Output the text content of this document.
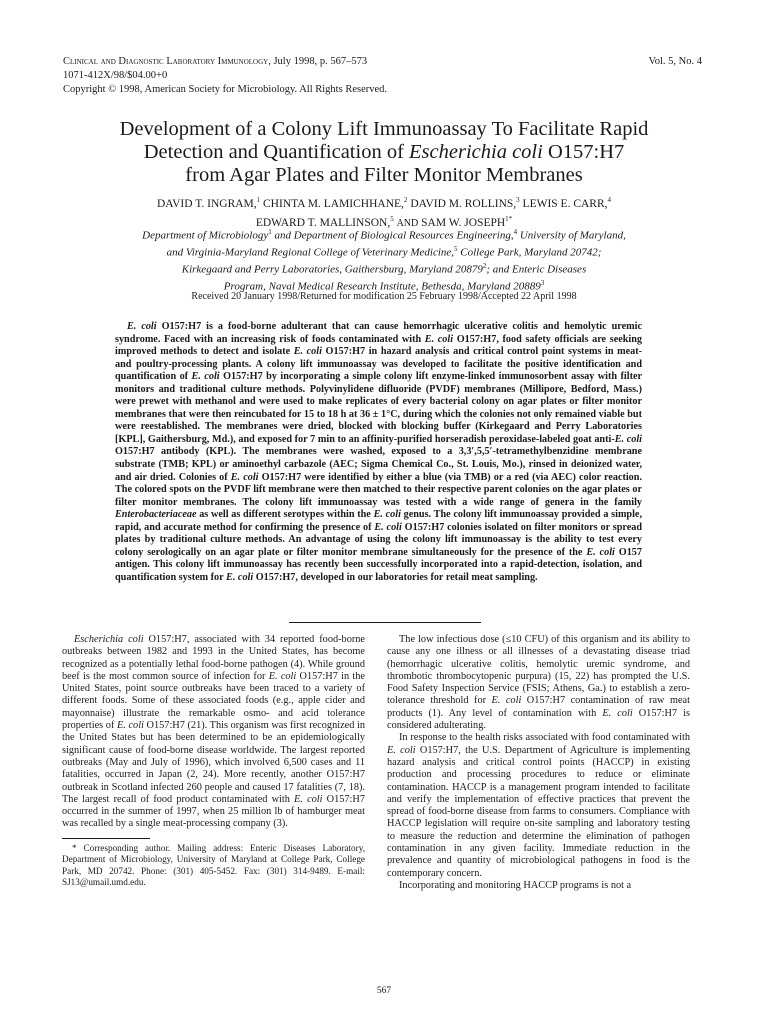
Clinical and Diagnostic Laboratory Immunology, July 1998, p. 567–573
1071-412X/98/$04.00+0
Copyright © 1998, American Society for Microbiology. All Rights Reserved.
Vol. 5, No. 4
Development of a Colony Lift Immunoassay To Facilitate Rapid
Detection and Quantification of Escherichia coli O157:H7
from Agar Plates and Filter Monitor Membranes
DAVID T. INGRAM,$^1$ CHINTA M. LAMICHHANE,$^2$ DAVID M. ROLLINS,$^3$ LEWIS E. CARR,$^4$
EDWARD T. MALLINSON,$^5$ AND SAM W. $JOSEPH^{1*}$
Department of Microbiology$^1$ and Department of Biological Resources Engineering,$^4$ University of Maryland,
and Virginia-Maryland Regional College of Veterinary Medicine,$^5$ College Park, Maryland 20742;
Kirkegaard and Perry Laboratories, Gaithersburg, Maryland 20879$^2$; and Enteric Diseases
Program, Naval Medical Research Institute, Bethesda, Maryland 20889$^3$
Received 20 January 1998/Returned for modification 25 February 1998/Accepted 22 April 1998
E. coli O157:H7 is a food-borne adulterant that can cause hemorrhagic ulcerative colitis and hemolytic uremic syndrome. Faced with an increasing risk of foods contaminated with E. coli O157:H7, food safety officials are seeking improved methods to detect and isolate E. coli O157:H7 in hazard analysis and critical control point systems in meat- and poultry-processing plants. A colony lift immunoassay was developed to facilitate the positive identification and quantification of E. coli O157:H7 by incorporating a simple colony lift enzyme-linked immunosorbent assay with filter monitors and traditional culture methods. Polyvinylidene difluoride (PVDF) membranes (Millipore, Bedford, Mass.) were prewet with methanol and were used to make replicates of every bacterial colony on agar plates or filter monitor membranes that were then reincubated for 15 to 18 h at 36 ± 1°C, during which the colonies not only remained viable but were reestablished. The membranes were dried, blocked with blocking buffer (Kirkegaard and Perry Laboratories [KPL], Gaithersburg, Md.), and exposed for 7 min to an affinity-purified horseradish peroxidase-labeled goat anti-E. coli O157:H7 antibody (KPL). The membranes were washed, exposed to a 3,3′,5,5′-tetramethylbenzidine membrane substrate (TMB; KPL) or aminoethyl carbazole (AEC; Sigma Chemical Co., St. Louis, Mo.), rinsed in deionized water, and air dried. Colonies of E. coli O157:H7 were identified by either a blue (via TMB) or a red (via AEC) color reaction. The colored spots on the PVDF lift membrane were then matched to their respective parent colonies on the agar plates or filter monitor membranes. The colony lift immunoassay was tested with a wide range of genera in the family Enterobacteriaceae as well as different serotypes within the E. coli genus. The colony lift immunoassay provided a simple, rapid, and accurate method for confirming the presence of E. coli O157:H7 colonies isolated on filter monitors or spread plates by traditional culture methods. An advantage of using the colony lift immunoassay is the ability to test every colony serologically on an agar plate or filter monitor membrane simultaneously for the presence of the E. coli O157 antigen. This colony lift immunoassay has recently been successfully incorporated into a rapid-detection, isolation, and quantification system for E. coli O157:H7, developed in our laboratories for retail meat sampling.

Escherichia coli O157:H7, associated with 34 reported food-borne outbreaks between 1982 and 1993 in the United States, has become recognized as a potentially lethal food-borne pathogen (4). While ground beef is the most common source of infection for E. coli O157:H7 in the United States, point source outbreaks have been traced to a variety of different foods. Some of these associated foods (e.g., apple cider and mayonnaise) illustrate the remarkable osmo- and acid tolerance properties of E. coli O157:H7 (21). This organism was first recognized in the United States but has been determined to be an epidemiologically significant cause of food-borne disease worldwide. The largest reported outbreaks (May and July of 1996), which involved 6,500 cases and 11 fatalities, occurred in Japan (2, 24). More recently, another O157:H7 outbreak in Scotland infected 260 people and caused 17 fatalities (7, 18). The largest recall of food product contaminated with E. coli O157:H7 occurred in the summer of 1997, when 25 million lb of hamburger meat was recalled by a single meat-processing company (3).

* Corresponding author. Mailing address: Enteric Diseases Laboratory, Department of Microbiology, University of Maryland at College Park, College Park, MD 20742. Phone: (301) 405-5452. Fax: (301) 314-9489. E-mail: SJ13@umail.umd.edu.

The low infectious dose (≤10 CFU) of this organism and its ability to cause any one illness or all illnesses of a devastating disease triad (hemorrhagic ulcerative colitis, hemolytic uremic syndrome, and thrombotic thrombocytopenic purpura) (15, 22) has prompted the U.S. Food Safety Inspection Service (FSIS; Athens, Ga.) to establish a zero-tolerance threshold for E. coli O157:H7 contamination of raw meat products (1). Any level of contamination with E. coli O157:H7 is considered adulterating.

In response to the health risks associated with food contaminated with E. coli O157:H7, the U.S. Department of Agriculture is implementing hazard analysis and critical control points (HACCP) in existing production and processing procedures to reduce or eliminate contamination. HACCP is a management program intended to facilitate and verify the implementation of effective practices that prevent the spread of food-borne disease from farms to consumers. Compliance with HACCP legislation will require on-site sampling and laboratory testing to measure the reduction and determine the elimination of pathogen contamination in any given facility. Immediate reduction in the prevalence and quantity of microbiological pathogens in food is the contemporary concern.

Incorporating and monitoring HACCP programs is not a

567
